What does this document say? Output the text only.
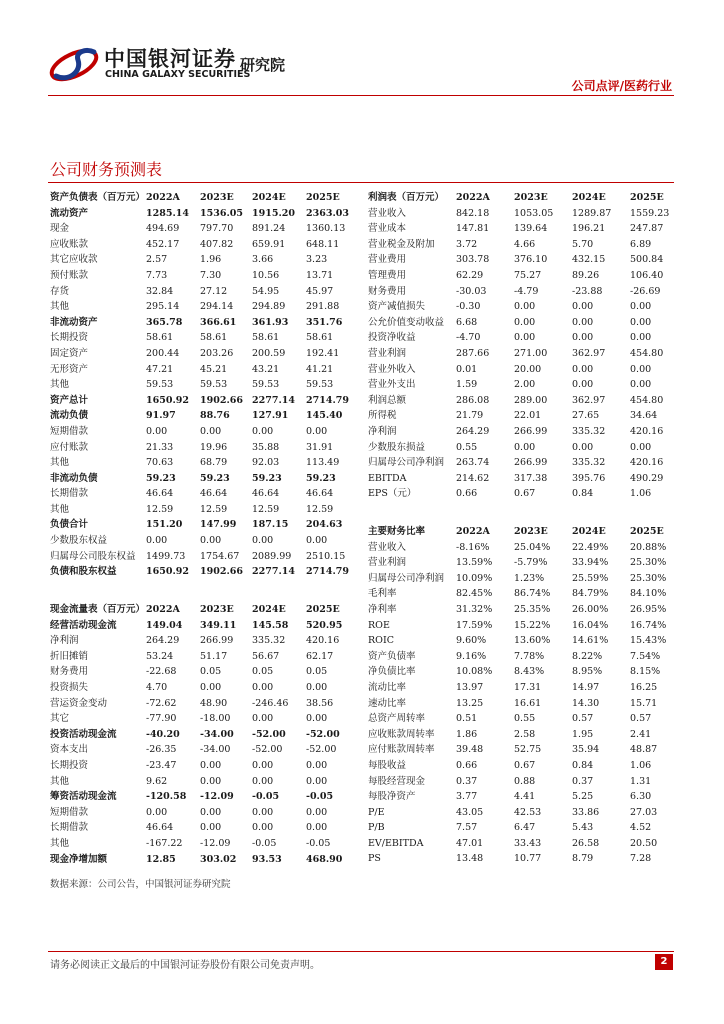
中国银河证券
CHINA GALAXY SECURITIES
研究院
公司点评/医药行业
公司财务预测表
资产负债表（百万元）	2022A	2023E	2024E	2025E
流动资产	1285.14	1536.05	1915.20	2363.03
现金	494.69	797.70	891.24	1360.13
应收账款	452.17	407.82	659.91	648.11
其它应收款	2.57	1.96	3.66	3.23
预付账款	7.73	7.30	10.56	13.71
存货	32.84	27.12	54.95	45.97
其他	295.14	294.14	294.89	291.88
非流动资产	365.78	366.61	361.93	351.76
长期投资	58.61	58.61	58.61	58.61
固定资产	200.44	203.26	200.59	192.41
无形资产	47.21	45.21	43.21	41.21
其他	59.53	59.53	59.53	59.53
资产总计	1650.92	1902.66	2277.14	2714.79
流动负债	91.97	88.76	127.91	145.40
短期借款	0.00	0.00	0.00	0.00
应付账款	21.33	19.96	35.88	31.91
其他	70.63	68.79	92.03	113.49
非流动负债	59.23	59.23	59.23	59.23
长期借款	46.64	46.64	46.64	46.64
其他	12.59	12.59	12.59	12.59
负债合计	151.20	147.99	187.15	204.63
少数股东权益	0.00	0.00	0.00	0.00
归属母公司股东权益	1499.73	1754.67	2089.99	2510.15
负债和股东权益	1650.92	1902.66	2277.14	2714.79
利润表（百万元）	2022A	2023E	2024E	2025E
营业收入	842.18	1053.05	1289.87	1559.23
营业成本	147.81	139.64	196.21	247.87
营业税金及附加	3.72	4.66	5.70	6.89
营业费用	303.78	376.10	432.15	500.84
管理费用	62.29	75.27	89.26	106.40
财务费用	-30.03	-4.79	-23.88	-26.69
资产减值损失	-0.30	0.00	0.00	0.00
公允价值变动收益	6.68	0.00	0.00	0.00
投资净收益	-4.70	0.00	0.00	0.00
营业利润	287.66	271.00	362.97	454.80
营业外收入	0.01	20.00	0.00	0.00
营业外支出	1.59	2.00	0.00	0.00
利润总额	286.08	289.00	362.97	454.80
所得税	21.79	22.01	27.65	34.64
净利润	264.29	266.99	335.32	420.16
少数股东损益	0.55	0.00	0.00	0.00
归属母公司净利润	263.74	266.99	335.32	420.16
EBITDA	214.62	317.38	395.76	490.29
EPS（元）	0.66	0.67	0.84	1.06
现金流量表（百万元）	2022A	2023E	2024E	2025E
经营活动现金流	149.04	349.11	145.58	520.95
净利润	264.29	266.99	335.32	420.16
折旧摊销	53.24	51.17	56.67	62.17
财务费用	-22.68	0.05	0.05	0.05
投资损失	4.70	0.00	0.00	0.00
营运资金变动	-72.62	48.90	-246.46	38.56
其它	-77.90	-18.00	0.00	0.00
投资活动现金流	-40.20	-34.00	-52.00	-52.00
资本支出	-26.35	-34.00	-52.00	-52.00
长期投资	-23.47	0.00	0.00	0.00
其他	9.62	0.00	0.00	0.00
筹资活动现金流	-120.58	-12.09	-0.05	-0.05
短期借款	0.00	0.00	0.00	0.00
长期借款	46.64	0.00	0.00	0.00
其他	-167.22	-12.09	-0.05	-0.05
现金净增加额	12.85	303.02	93.53	468.90
主要财务比率	2022A	2023E	2024E	2025E
营业收入	-8.16%	25.04%	22.49%	20.88%
营业利润	13.59%	-5.79%	33.94%	25.30%
归属母公司净利润	10.09%	1.23%	25.59%	25.30%
毛利率	82.45%	86.74%	84.79%	84.10%
净利率	31.32%	25.35%	26.00%	26.95%
ROE	17.59%	15.22%	16.04%	16.74%
ROIC	9.60%	13.60%	14.61%	15.43%
资产负债率	9.16%	7.78%	8.22%	7.54%
净负债比率	10.08%	8.43%	8.95%	8.15%
流动比率	13.97	17.31	14.97	16.25
速动比率	13.25	16.61	14.30	15.71
总资产周转率	0.51	0.55	0.57	0.57
应收账款周转率	1.86	2.58	1.95	2.41
应付账款周转率	39.48	52.75	35.94	48.87
每股收益	0.66	0.67	0.84	1.06
每股经营现金	0.37	0.88	0.37	1.31
每股净资产	3.77	4.41	5.25	6.30
P/E	43.05	42.53	33.86	27.03
P/B	7.57	6.47	5.43	4.52
EV/EBITDA	47.01	33.43	26.58	20.50
PS	13.48	10.77	8.79	7.28
数据来源：公司公告，中国银河证券研究院
请务必阅读正文最后的中国银河证券股份有限公司免责声明。	2
